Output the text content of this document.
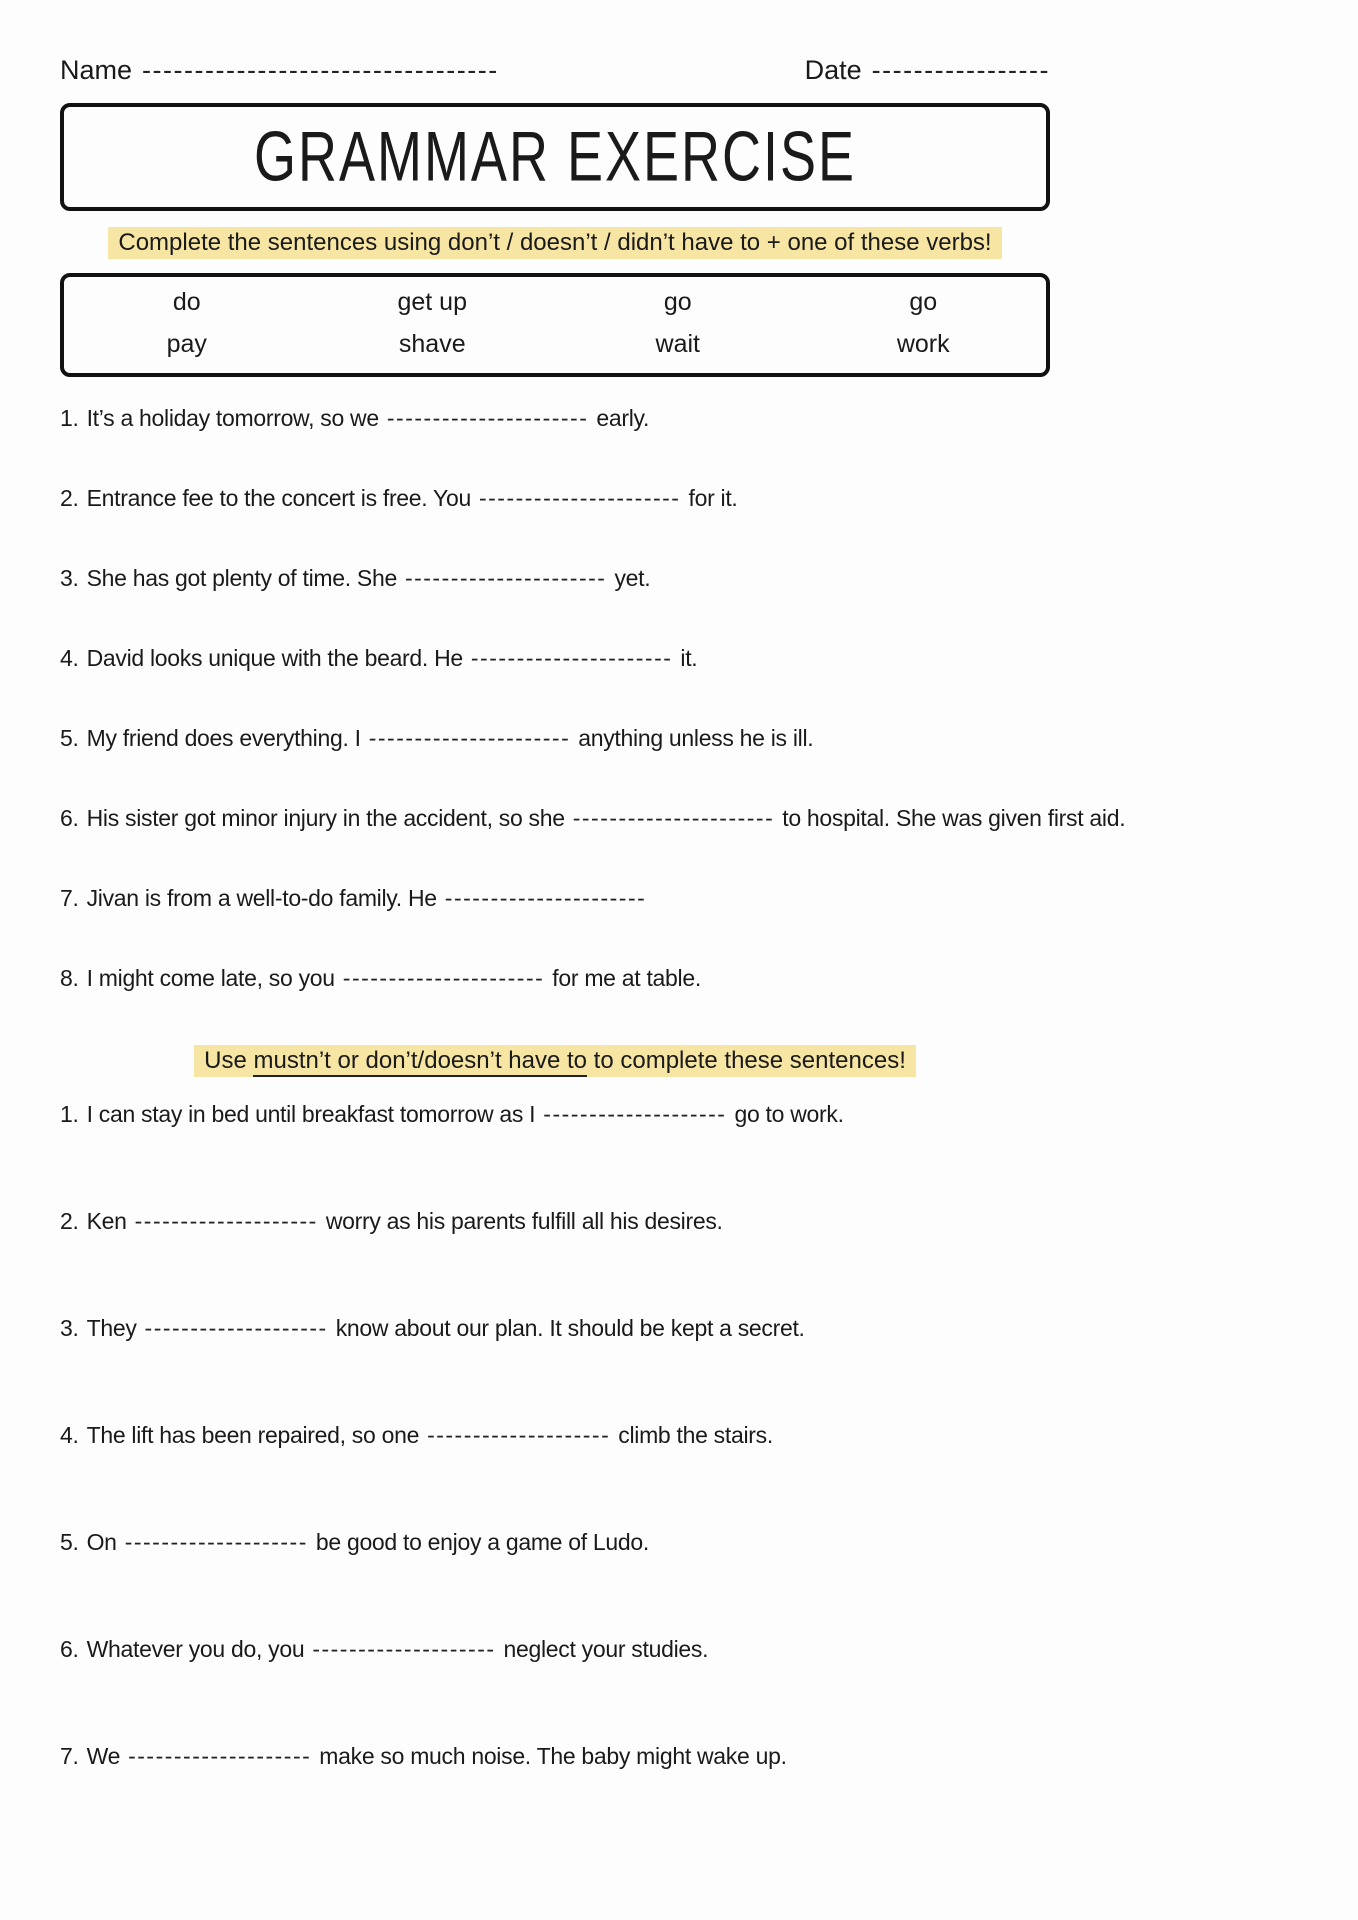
Name ----------------------------------	Date -----------------
GRAMMAR EXERCISE
Complete the sentences using don’t / doesn’t / didn’t have to + one of these verbs!
do	get up	go	go
pay	shave	wait	work
1. It’s a holiday tomorrow, so we ---------------------- early.
2. Entrance fee to the concert is free. You ---------------------- for it.
3. She has got plenty of time. She ---------------------- yet.
4. David looks unique with the beard. He ---------------------- it.
5. My friend does everything. I ---------------------- anything unless he is ill.
6. His sister got minor injury in the accident, so she ---------------------- to hospital. She was given first aid.
7. Jivan is from a well-to-do family. He ----------------------
8. I might come late, so you ---------------------- for me at table.
Use mustn’t or don’t/doesn’t have to to complete these sentences!
1. I can stay in bed until breakfast tomorrow as I -------------------- go to work.
2. Ken -------------------- worry as his parents fulfill all his desires.
3. They -------------------- know about our plan. It should be kept a secret.
4. The lift has been repaired, so one -------------------- climb the stairs.
5. On -------------------- be good to enjoy a game of Ludo.
6. Whatever you do, you -------------------- neglect your studies.
7. We -------------------- make so much noise. The baby might wake up.
